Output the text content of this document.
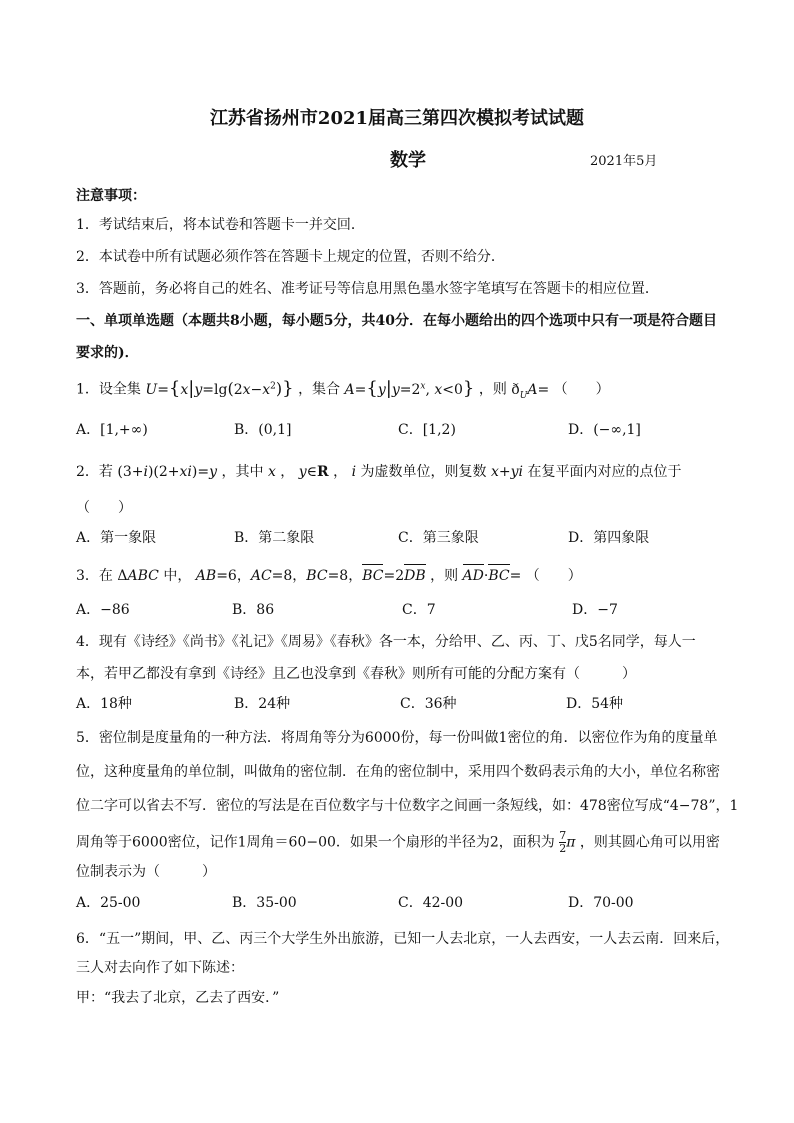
江苏省扬州市2021届高三第四次模拟考试试题
数学	2021年5月
注意事项：
1．考试结束后，将本试卷和答题卡一并交回．
2．本试卷中所有试题必须作答在答题卡上规定的位置，否则不给分．
3．答题前，务必将自己的姓名、准考证号等信息用黑色墨水签字笔填写在答题卡的相应位置．
一、单项单选题（本题共8小题，每小题5分，共40分．在每小题给出的四个选项中只有一项是符合题目
要求的)．
1．设全集 $U=\{x|y=\lg(2x-x^2)\}$ ，集合 $A=\{y|y=2^x$, x<0} ，则 $ð_UA=$ （　　）
A．[1,+∞)	B．(0,1]	C．[1,2)	D．(−∞,1]
2．若 (3+i)(2+xi)=y ，其中 x ， y∈R ， i 为虚数单位，则复数 x+yi 在复平面内对应的点位于
（　　）
A．第一象限	B．第二象限	C．第三象限	D．第四象限
3．在 ΔABC 中， AB=6，AC=8，BC=8，BC=2DB ，则 AD·BC= （　　）
A．−86	B．86	C．7	D．−7
4．现有《诗经》《尚书》《礼记》《周易》《春秋》各一本，分给甲、乙、丙、丁、戊5名同学，每人一
本，若甲乙都没有拿到《诗经》且乙也没拿到《春秋》则所有可能的分配方案有（　　　）
A．18种	B．24种	C．36种	D．54种
5．密位制是度量角的一种方法．将周角等分为6000份，每一份叫做1密位的角．以密位作为角的度量单
位，这种度量角的单位制，叫做角的密位制．在角的密位制中，采用四个数码表示角的大小，单位名称密
位二字可以省去不写．密位的写法是在百位数字与十位数字之间画一条短线，如：478密位写成“4−78”，1
周角等于6000密位，记作1周角＝60−00．如果一个扇形的半径为2，面积为 $\frac{7}{2}$ π ，则其圆心角可以用密
位制表示为（　　　）
A．25-00	B．35-00	C．42-00	D．70-00
6．“五一”期间，甲、乙、丙三个大学生外出旅游，已知一人去北京，一人去西安，一人去云南．回来后，
三人对去向作了如下陈述：
甲：“我去了北京，乙去了西安．”
